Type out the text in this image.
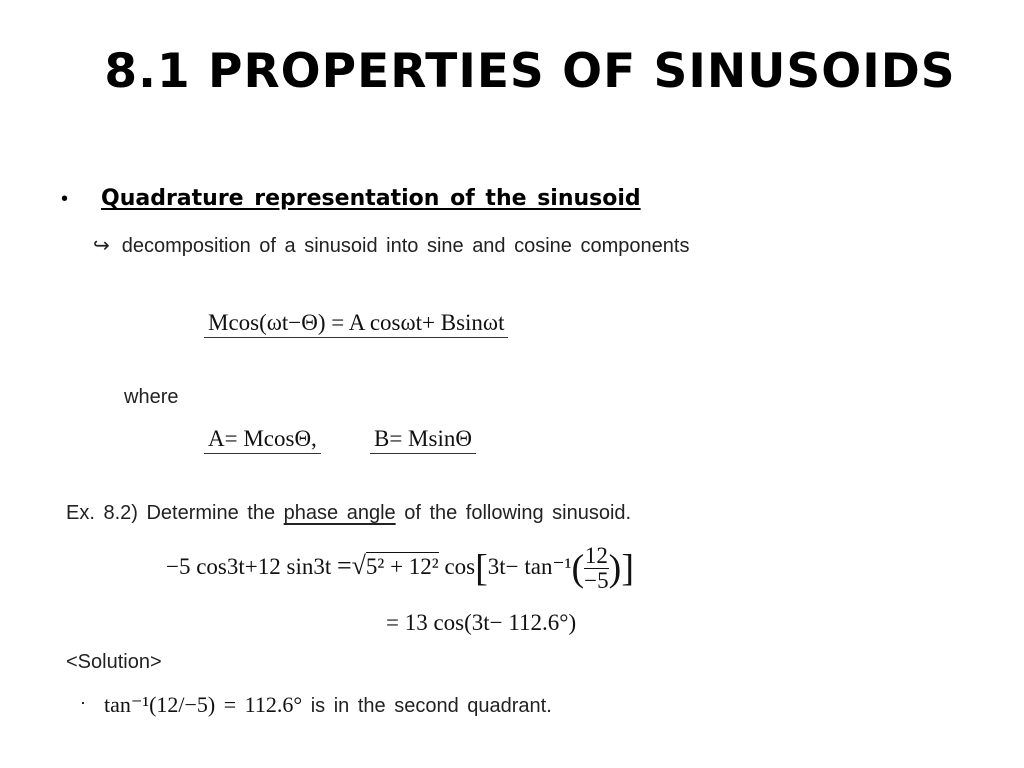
8.1 PROPERTIES OF SINUSOIDS
• Quadrature representation of the sinusoid
↪ decomposition of a sinusoid into sine and cosine components
Mcos(ωt−Θ) = A cosωt+ Bsinωt
where
A= McosΘ, B= MsinΘ
Ex. 8.2) Determine the phase angle of the following sinusoid.
−5 cos3t+12 sin3t =√5² + 12² $\cos[3t- \tan^{-1}( \frac{12}{-5}$ )]
= 13 cos(3t− 112.6°)
<Solution>
· tan⁻¹(12/−5) = 112.6° is in the second quadrant.
